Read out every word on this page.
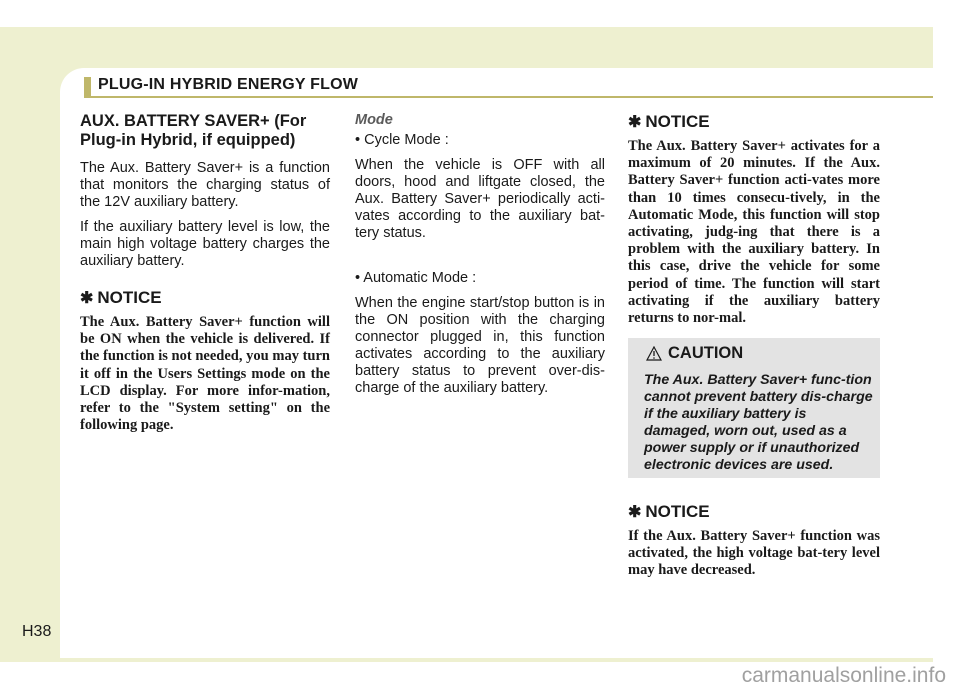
PLUG-IN HYBRID ENERGY FLOW
AUX. BATTERY SAVER+ (For Plug-in Hybrid, if equipped)

The Aux. Battery Saver+ is a function that monitors the charging status of the 12V auxiliary battery.

If the auxiliary battery level is low, the main high voltage battery charges the auxiliary battery.

✱ NOTICE

The Aux. Battery Saver+ function will be ON when the vehicle is delivered. If the function is not needed, you may turn it off in the Users Settings mode on the LCD display. For more infor-mation, refer to the "System setting" on the following page.

Mode

• Cycle Mode :

When the vehicle is OFF with all doors, hood and liftgate closed, the Aux. Battery Saver+ periodically acti-vates according to the auxiliary bat-tery status.

• Automatic Mode :

When the engine start/stop button is in the ON position with the charging connector plugged in, this function activates according to the auxiliary battery status to prevent over-dis-charge of the auxiliary battery.

✱ NOTICE

The Aux. Battery Saver+ activates for a maximum of 20 minutes. If the Aux. Battery Saver+ function acti-vates more than 10 times consecu-tively, in the Automatic Mode, this function will stop activating, judg-ing that there is a problem with the auxiliary battery. In this case, drive the vehicle for some period of time. The function will start activating if the auxiliary battery returns to nor-mal.

CAUTION
The Aux. Battery Saver+ func-tion cannot prevent battery dis-charge if the auxiliary battery is damaged, worn out, used as a power supply or if unauthorized electronic devices are used.
✱ NOTICE

If the Aux. Battery Saver+ function was activated, the high voltage bat-tery level may have decreased.

H38
carmanualsonline.info
